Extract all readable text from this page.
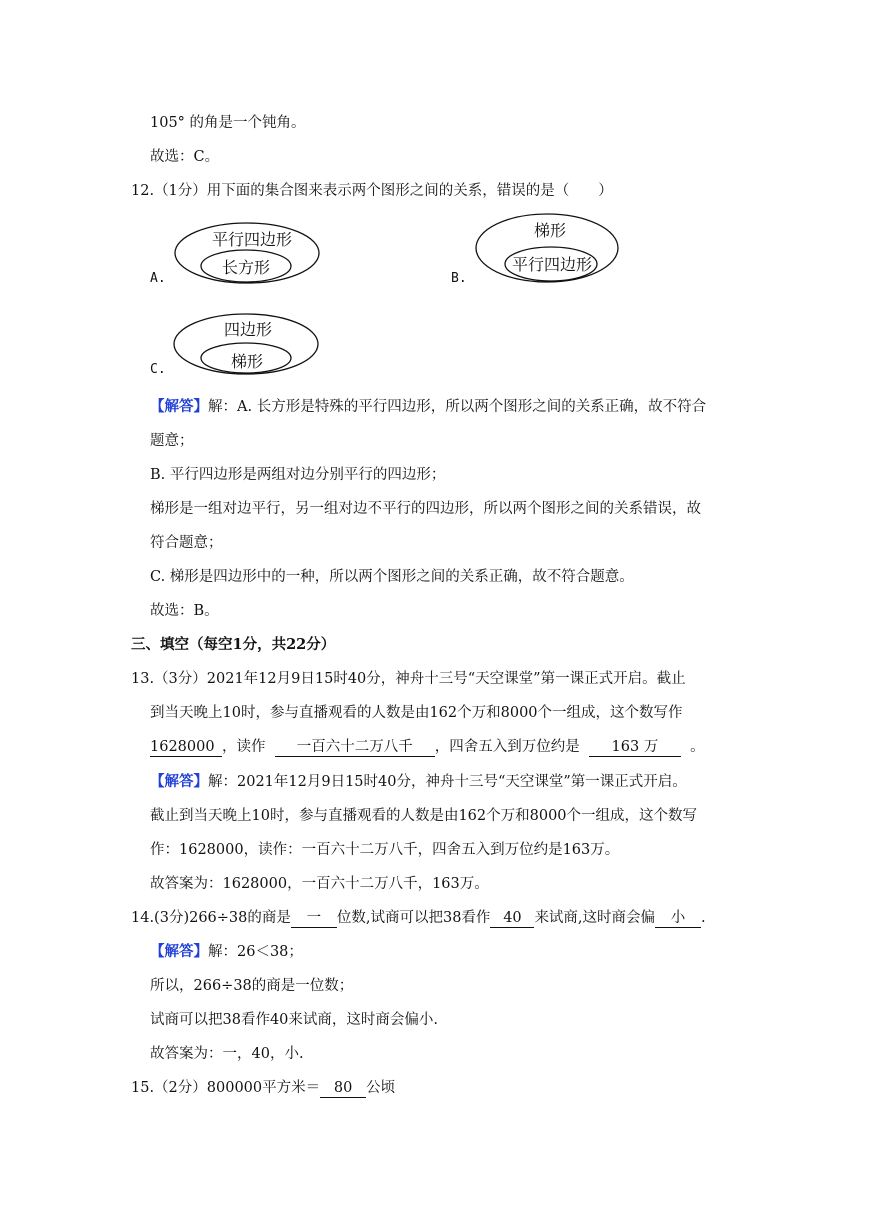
105° 的角是一个钝角。
故选：C。
12.（1分）用下面的集合图来表示两个图形之间的关系，错误的是（　　）
A.
平行四边形
长方形
B.
梯形
平行四边形
C.
四边形
梯形
【解答】解：A. 长方形是特殊的平行四边形，所以两个图形之间的关系正确，故不符合
题意；
B. 平行四边形是两组对边分别平行的四边形；
梯形是一组对边平行，另一组对边不平行的四边形，所以两个图形之间的关系错误，故
符合题意；
C. 梯形是四边形中的一种，所以两个图形之间的关系正确，故不符合题意。
故选：B。
三、填空（每空1分，共22分）
13.（3分）2021年12月9日15时40分，神舟十三号“天空课堂”第一课正式开启。截止
到当天晚上10时，参与直播观看的人数是由162个万和8000个一组成，这个数写作
1628000 ，读作 一百六十二万八千 ，四舍五入到万位约是 163 万 。
【解答】解：2021年12月9日15时40分，神舟十三号“天空课堂”第一课正式开启。
截止到当天晚上10时，参与直播观看的人数是由162个万和8000个一组成，这个数写
作：1628000，读作：一百六十二万八千，四舍五入到万位约是163万。
故答案为：1628000，一百六十二万八千，163万。
14.(3分)266÷38的商是 一 位数,试商可以把38看作 40 来试商,这时商会偏 小 .
【解答】解：26＜38；
所以，266÷38的商是一位数；
试商可以把38看作40来试商，这时商会偏小.
故答案为：一，40，小.
15.（2分）800000平方米＝ 80 公顷
